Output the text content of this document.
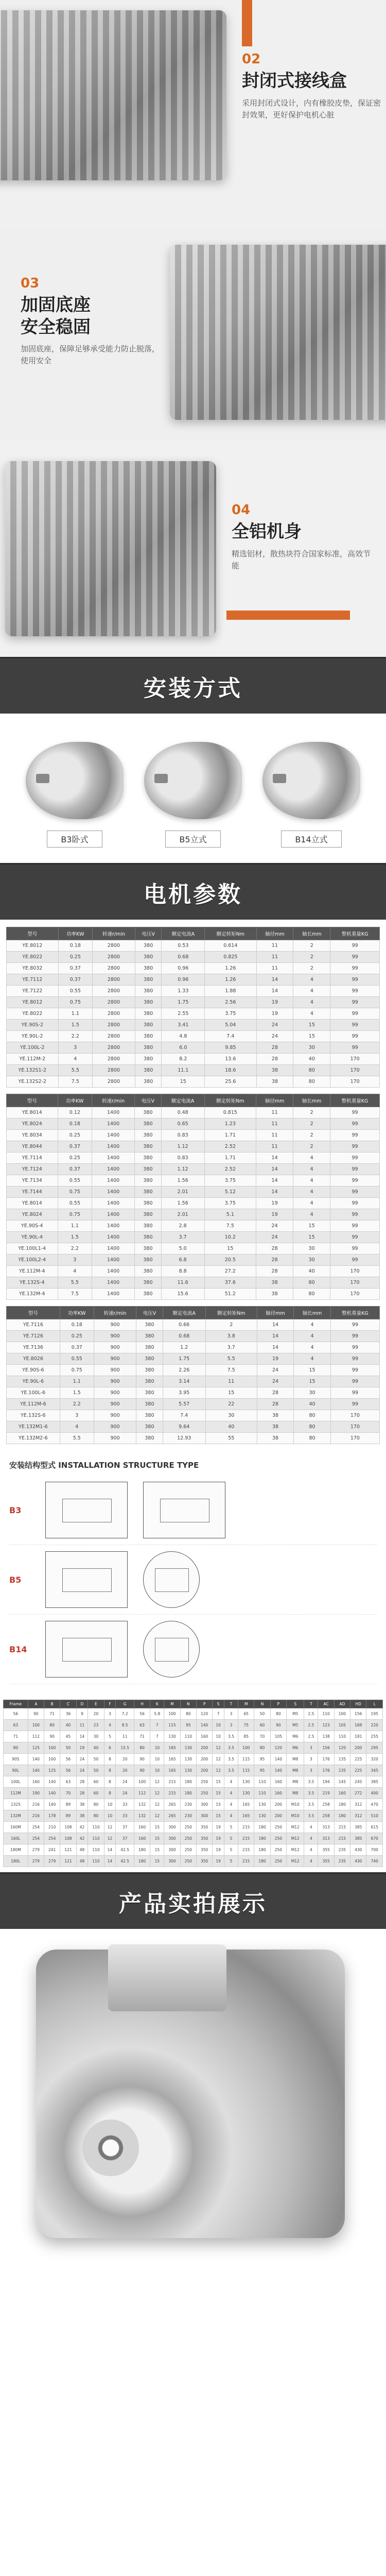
02
封闭式接线盒
采用封闭式设计，内有橡胶皮垫，保证密封效果，更好保护电机心脏
03
加固底座
安全稳固
加固底座，保障足够承受能力防止脱落，使用安全
04
全铝机身
精选铝材，散热块符合国家标准，高效节能
安装方式
B3卧式	B5立式	B14立式
电机参数
型号	功率KW	转速r/min	电压V	额定电流A	额定转矩Nm	轴径mm	轴长mm	整机重量KG
YE.8012	0.18	2800	380	0.53	0.614	11	2	99
YE.8022	0.25	2800	380	0.68	0.825	11	2	99
YE.8032	0.37	2800	380	0.96	1.26	11	2	99
YE.7112	0.37	2800	380	0.96	1.26	14	4	99
YE.7122	0.55	2800	380	1.33	1.88	14	4	99
YE.8012	0.75	2800	380	1.75	2.56	19	4	99
YE.8022	1.1	2800	380	2.55	3.75	19	4	99
YE.90S-2	1.5	2800	380	3.41	5.04	24	15	99
YE.90L-2	2.2	2800	380	4.8	7.4	24	15	99
YE.100L-2	3	2800	380	6.0	9.85	28	30	99
YE.112M-2	4	2800	380	8.2	13.6	28	40	170
YE.132S1-2	5.5	2800	380	11.1	18.6	38	80	170
YE.132S2-2	7.5	2800	380	15	25.6	38	80	170
型号	功率KW	转速r/min	电压V	额定电流A	额定转矩Nm	轴径mm	轴长mm	整机重量KG
YE.8014	0.12	1400	380	0.48	0.815	11	2	99
YE.8024	0.18	1400	380	0.65	1.23	11	2	99
YE.8034	0.25	1400	380	0.83	1.71	11	2	99
YE.8044	0.37	1400	380	1.12	2.52	11	2	99
YE.7114	0.25	1400	380	0.83	1.71	14	4	99
YE.7124	0.37	1400	380	1.12	2.52	14	4	99
YE.7134	0.55	1400	380	1.56	3.75	14	4	99
YE.7144	0.75	1400	380	2.01	5.12	14	4	99
YE.8014	0.55	1400	380	1.56	3.75	19	4	99
YE.8024	0.75	1400	380	2.01	5.1	19	4	99
YE.90S-4	1.1	1400	380	2.8	7.5	24	15	99
YE.90L-4	1.5	1400	380	3.7	10.2	24	15	99
YE.100L1-4	2.2	1400	380	5.0	15	28	30	99
YE.100L2-4	3	1400	380	6.8	20.5	28	30	99
YE.112M-4	4	1400	380	8.8	27.2	28	40	170
YE.132S-4	5.5	1400	380	11.6	37.6	38	80	170
YE.132M-4	7.5	1400	380	15.6	51.2	38	80	170
型号	功率KW	转速r/min	电压V	额定电流A	额定转矩Nm	轴径mm	轴长mm	整机重量KG
YE.7116	0.18	900	380	0.66	2	14	4	99
YE.7126	0.25	900	380	0.68	3.8	14	4	99
YE.7136	0.37	900	380	1.2	3.7	14	4	99
YE.8026	0.55	900	380	1.75	5.5	19	4	99
YE.90S-6	0.75	900	380	2.26	7.5	24	15	99
YE.90L-6	1.1	900	380	3.14	11	24	15	99
YE.100L-6	1.5	900	380	3.95	15	28	30	99
YE.112M-6	2.2	900	380	5.57	22	28	40	99
YE.132S-6	3	900	380	7.4	30	38	80	170
YE.132M1-6	4	900	380	9.64	40	38	80	170
YE.132M2-6	5.5	900	380	12.93	55	38	80	170
安装结构型式 INSTALLATION STRUCTURE TYPE
B3
B5
B14
Frame	A	B	C	D	E	F	G	H	K	M	N	P	S	T	M	N	P	S	T	AC	AD	HD	L
56	90	71	36	9	20	3	7.2	56	5.8	100	80	120	7	3	65	50	80	M5	2.5	110	100	156	195
63	100	80	40	11	23	4	8.5	63	7	115	95	140	10	3	75	60	90	M5	2.5	123	105	168	220
71	112	90	45	14	30	5	11	71	7	130	110	160	10	3.5	85	70	105	M6	2.5	138	110	181	255
80	125	100	50	19	40	6	15.5	80	10	165	130	200	12	3.5	100	80	120	M6	3	156	120	200	295
90S	140	100	56	24	50	8	20	90	10	165	130	200	12	3.5	115	95	140	M8	3	176	135	225	320
90L	140	125	56	24	50	8	20	90	10	165	130	200	12	3.5	115	95	140	M8	3	176	135	225	345
100L	160	140	63	28	60	8	24	100	12	215	180	250	15	4	130	110	160	M8	3.5	194	145	245	385
112M	190	140	70	28	60	8	24	112	12	215	180	250	15	4	130	110	160	M8	3.5	219	160	272	400
132S	216	140	89	38	80	10	33	132	12	265	230	300	15	4	165	130	200	M10	3.5	258	180	312	470
132M	216	178	89	38	80	10	33	132	12	265	230	300	15	4	165	130	200	M10	3.5	258	180	312	510
160M	254	210	108	42	110	12	37	160	15	300	250	350	19	5	215	180	250	M12	4	313	215	385	615
160L	254	254	108	42	110	12	37	160	15	300	250	350	19	5	215	180	250	M12	4	313	215	385	670
180M	279	241	121	48	110	14	42.5	180	15	300	250	350	19	5	215	180	250	M12	4	355	235	430	700
180L	279	279	121	48	110	14	42.5	180	15	300	250	350	19	5	215	180	250	M12	4	355	235	430	740
产品实拍展示
